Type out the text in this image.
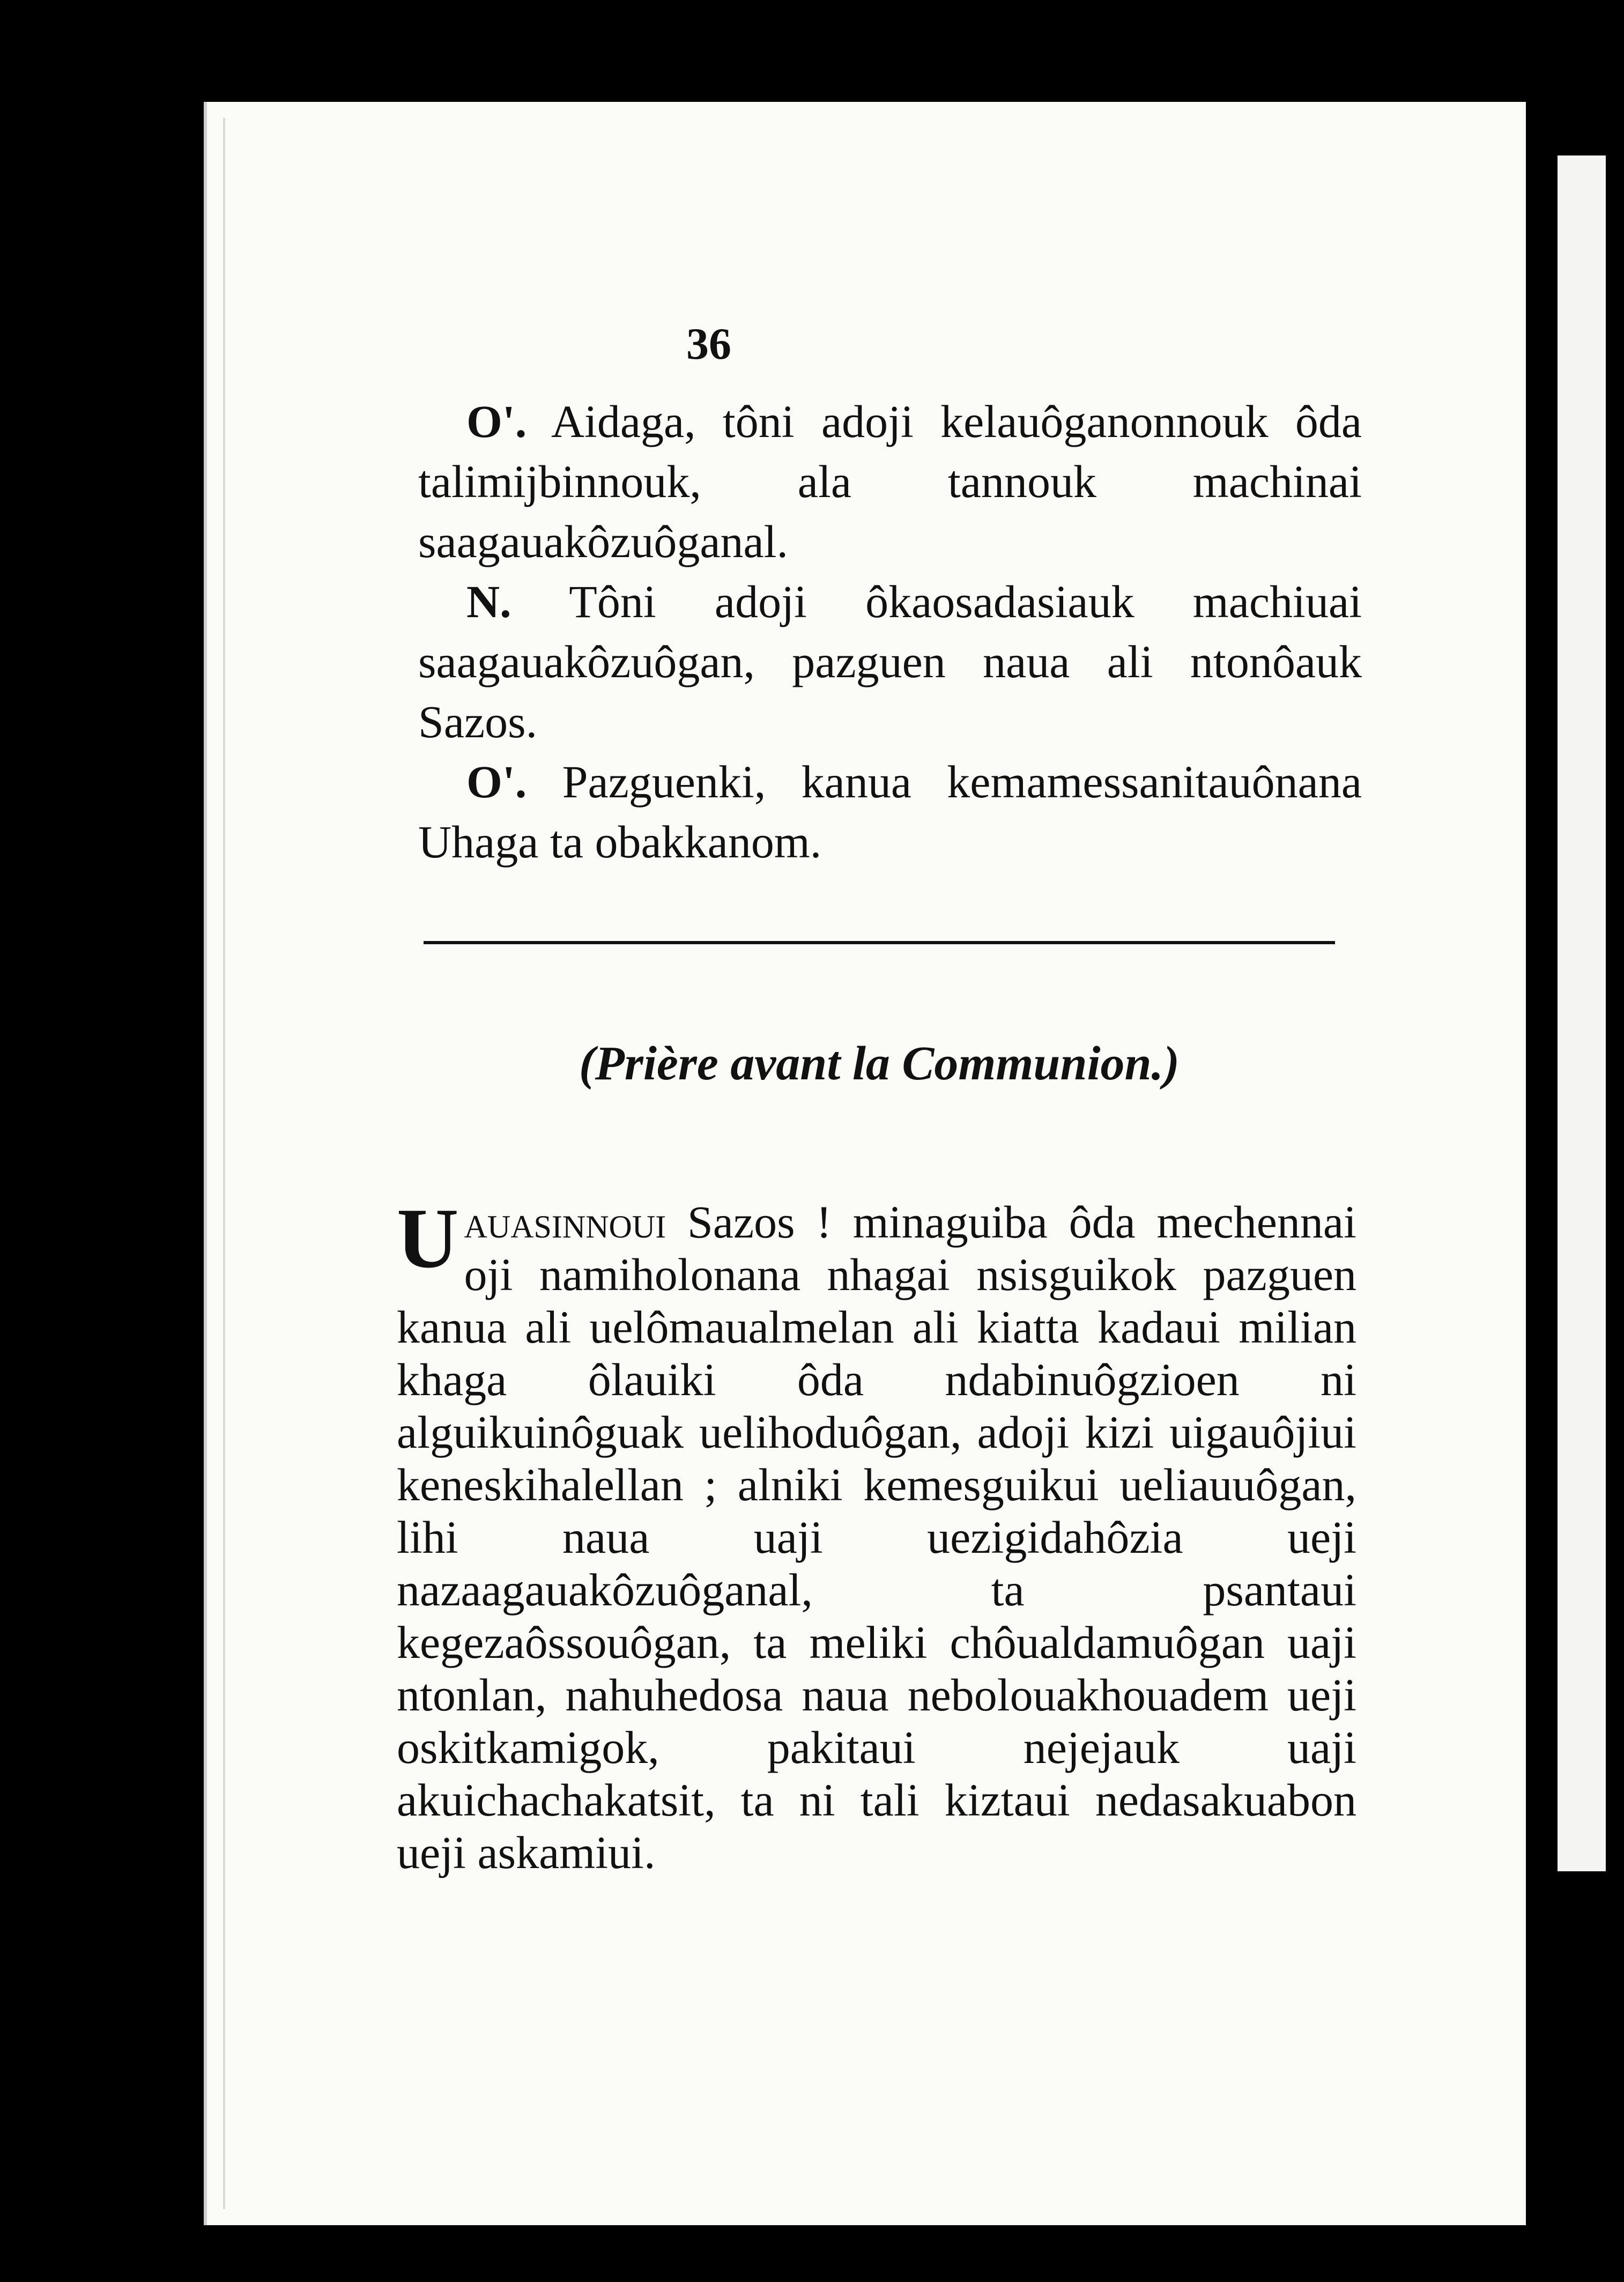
36

O'. Aidaga, tôni adoji kelauôganonnouk ôda talimijbinnouk, ala tannouk machinai saagauakôzuôganal.

N. Tôni adoji ôkaosadasiauk machiuai saagauakôzuôgan, pazguen naua ali ntonôauk Sazos.

O'. Pazguenki, kanua kemamessanitauônana Uhaga ta obakkanom.

(Prière avant la Communion.)

Uauasinnoui Sazos ! minaguiba ôda mechennai oji namiholonana nhagai nsisguikok pazguen kanua ali uelômaualmelan ali kiatta kadaui milian khaga ôlauiki ôda ndabinuôgzioen ni alguikuinôguak uelihoduôgan, adoji kizi uigauôjiui keneskihalellan ; alniki kemesguikui ueliauuôgan, lihi naua uaji uezigidahôzia ueji nazaagauakôzuôganal, ta psantaui kegezaôssouôgan, ta meliki chôualdamuôgan uaji ntonlan, nahuhedosa naua nebolouakhouadem ueji oskitkamigok, pakitaui nejejauk uaji akuichachakatsit, ta ni tali kiztaui nedasakuabon ueji askamiui.
